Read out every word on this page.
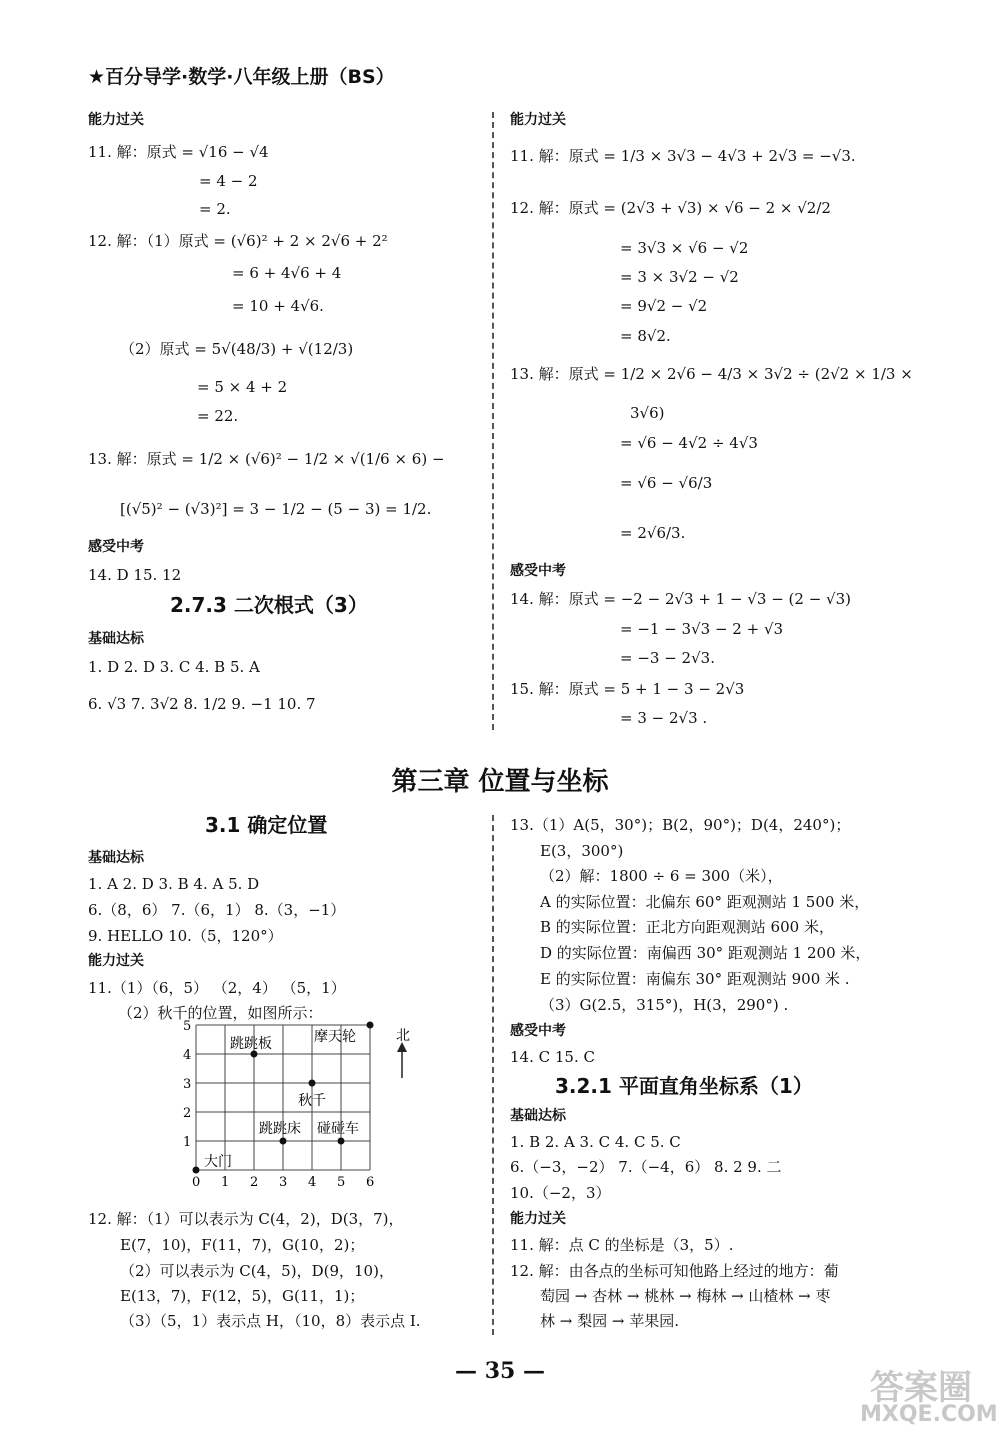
★百分导学·数学·八年级上册（BS）
能力过关
11. 解：原式 = √16 − √4
= 4 − 2
= 2.
12. 解：（1）原式 = (√6)² + 2 × 2√6 + 2²
= 6 + 4√6 + 4
= 10 + 4√6.
（2）原式 = 5√(48/3) + √(12/3)
= 5 × 4 + 2
= 22.
13. 解：原式 = 1/2 × (√6)² − 1/2 × √(1/6 × 6) −
[(√5)² − (√3)²] = 3 − 1/2 − (5 − 3) = 1/2.
感受中考
14. D 15. 12
2.7.3 二次根式（3）
基础达标
1. D 2. D 3. C 4. B 5. A
6. √3 7. 3√2 8. 1/2 9. −1 10. 7
能力过关
11. 解：原式 = 1/3 × 3√3 − 4√3 + 2√3 = −√3.
12. 解：原式 = (2√3 + √3) × √6 − 2 × √2/2
= 3√3 × √6 − √2
= 3 × 3√2 − √2
= 9√2 − √2
= 8√2.
13. 解：原式 = 1/2 × 2√6 − 4/3 × 3√2 ÷ (2√2 × 1/3 ×
3√6)
= √6 − 4√2 ÷ 4√3
= √6 − √6/3
= 2√6/3.
感受中考
14. 解：原式 = −2 − 2√3 + 1 − √3 − (2 − √3)
= −1 − 3√3 − 2 + √3
= −3 − 2√3.
15. 解：原式 = 5 + 1 − 3 − 2√3
= 3 − 2√3 .
第三章 位置与坐标
3.1 确定位置
基础达标
1. A 2. D 3. B 4. A 5. D
6.（8，6） 7.（6，1） 8.（3，−1）
9. HELLO 10.（5，120°）
能力过关
11.（1）（6，5） （2，4） （5，1）
（2）秋千的位置，如图所示：
12. 解：（1）可以表示为 C(4，2)，D(3，7)，
E(7，10)，F(11，7)，G(10，2)；
（2）可以表示为 C(4，5)，D(9，10)，
E(13，7)，F(12，5)，G(11，1)；
（3）（5，1）表示点 H，（10，8）表示点 I.
13.（1）A(5，30°)；B(2，90°)；D(4，240°)；
E(3，300°)
（2）解：1800 ÷ 6 = 300（米），
A 的实际位置：北偏东 60° 距观测站 1 500 米，
B 的实际位置：正北方向距观测站 600 米，
D 的实际位置：南偏西 30° 距观测站 1 200 米，
E 的实际位置：南偏东 30° 距观测站 900 米 .
（3）G(2.5，315°)，H(3，290°) .
感受中考
14. C 15. C
3.2.1 平面直角坐标系（1）
基础达标
1. B 2. A 3. C 4. C 5. C
6.（−3，−2） 7.（−4，6） 8. 2 9. 二
10.（−2，3）
能力过关
11. 解：点 C 的坐标是（3，5）.
12. 解：由各点的坐标可知他路上经过的地方：葡
萄园 → 杏林 → 桃林 → 梅林 → 山楂林 → 枣
林 → 梨园 → 苹果园.
0 1 2 3 4 5 6
1
2
3
4
5
北
跳跳板	摩天轮
秋千
跳跳床 碰碰车
大门
— 35 —	答案圈
MXQE.COM
